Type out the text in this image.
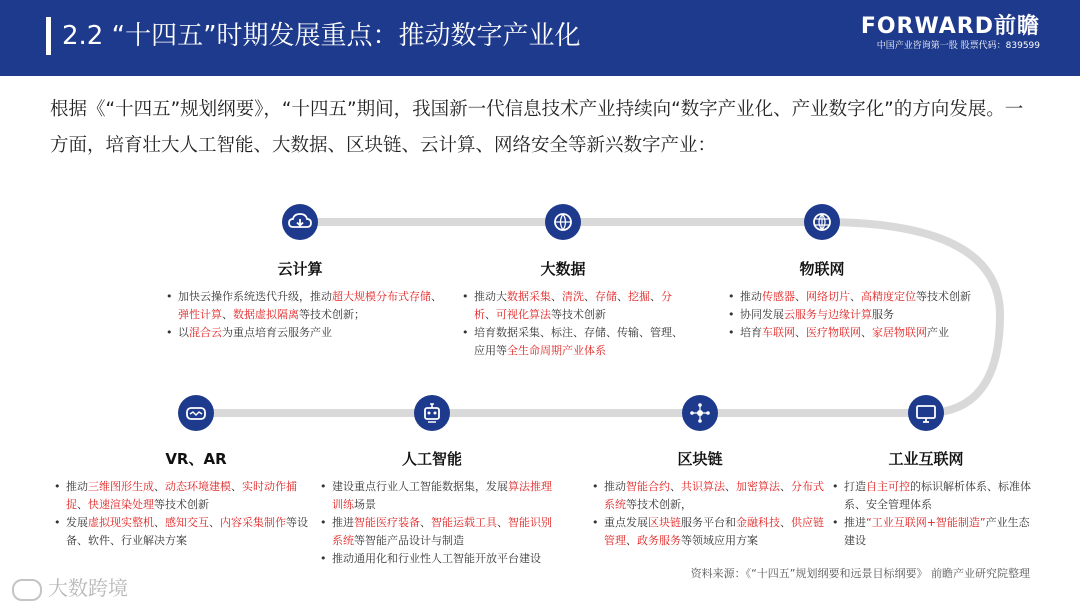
2.2 “十四五”时期发展重点：推动数字产业化	FORWARD前瞻
中国产业咨询第一股 股票代码：839599
根据《“十四五”规划纲要》，“十四五”期间，我国新一代信息技术产业持续向“数字产业化、产业数字化”的方向发展。一方面，培育壮大人工智能、大数据、区块链、云计算、网络安全等新兴数字产业：
云计算
• 加快云操作系统迭代升级，推动超大规模分布式存储、弹性计算、数据虚拟隔离等技术创新；
• 以混合云为重点培育云服务产业
大数据
• 推动大数据采集、清洗、存储、挖掘、分析、可视化算法等技术创新
• 培育数据采集、标注、存储、传输、管理、应用等全生命周期产业体系
物联网
• 推动传感器、网络切片、高精度定位等技术创新
• 协同发展云服务与边缘计算服务
• 培育车联网、医疗物联网、家居物联网产业
VR、AR
• 推动三维图形生成、动态环境建模、实时动作捕捉、快速渲染处理等技术创新
• 发展虚拟现实整机、感知交互、内容采集制作等设备、软件、行业解决方案
人工智能
• 建设重点行业人工智能数据集，发展算法推理训练场景
• 推进智能医疗装备、智能运载工具、智能识别系统等智能产品设计与制造
• 推动通用化和行业性人工智能开放平台建设
区块链
• 推动智能合约、共识算法、加密算法、分布式系统等技术创新，
• 重点发展区块链服务平台和金融科技、供应链管理、政务服务等领域应用方案
工业互联网
• 打造自主可控的标识解析体系、标准体系、安全管理体系
• 推进“工业互联网+智能制造”产业生态建设
资料来源：《“十四五”规划纲要和远景目标纲要》 前瞻产业研究院整理
大数跨境
